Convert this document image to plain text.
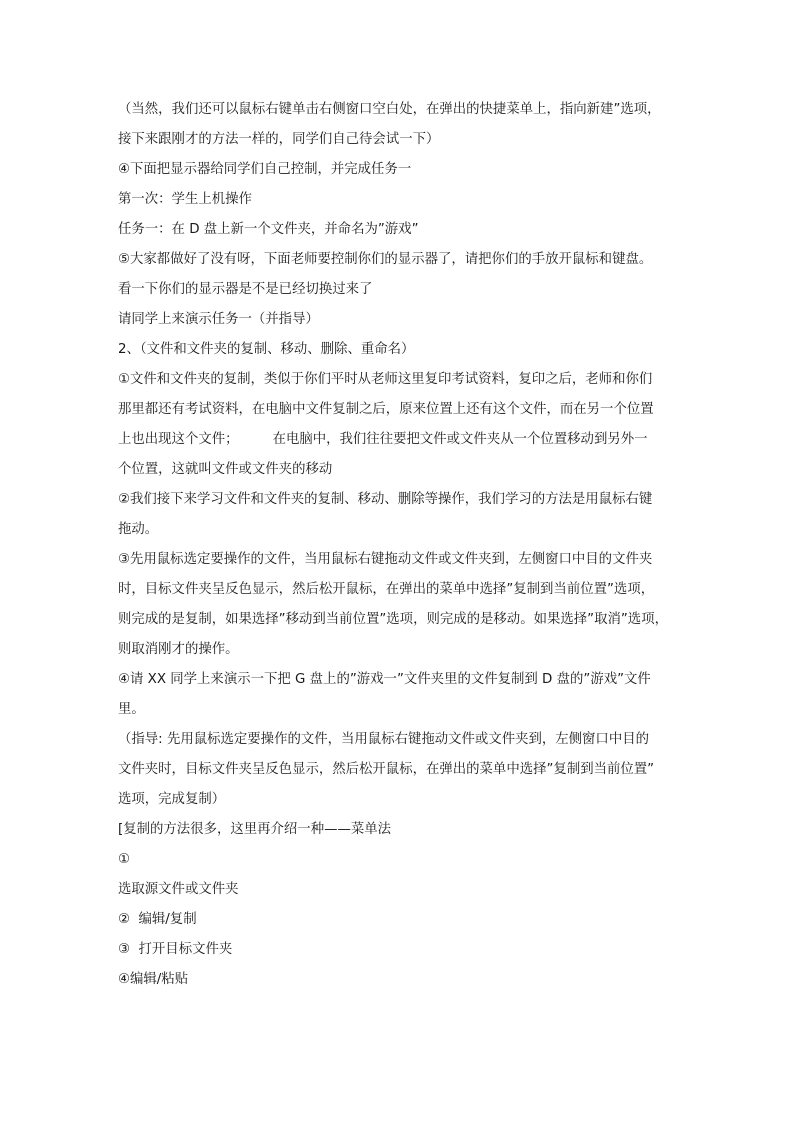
（当然，我们还可以鼠标右键单击右侧窗口空白处，在弹出的快捷菜单上，指向新建”选项，

接下来跟刚才的方法一样的，同学们自己待会试一下）

④下面把显示器给同学们自己控制，并完成任务一

第一次：学生上机操作

任务一：在 D 盘上新一个文件夹，并命名为”游戏”

⑤大家都做好了没有呀，下面老师要控制你们的显示器了，请把你们的手放开鼠标和键盘。

看一下你们的显示器是不是已经切换过来了

请同学上来演示任务一（并指导）

2、（文件和文件夹的复制、移动、删除、重命名）

①文件和文件夹的复制，类似于你们平时从老师这里复印考试资料，复印之后，老师和你们

那里都还有考试资料，在电脑中文件复制之后，原来位置上还有这个文件，而在另一个位置

上也出现这个文件；        在电脑中，我们往往要把文件或文件夹从一个位置移动到另外一

个位置，这就叫文件或文件夹的移动

②我们接下来学习文件和文件夹的复制、移动、删除等操作，我们学习的方法是用鼠标右键

拖动。

③先用鼠标选定要操作的文件，当用鼠标右键拖动文件或文件夹到，左侧窗口中目的文件夹

时，目标文件夹呈反色显示，然后松开鼠标，在弹出的菜单中选择”复制到当前位置”选项，

则完成的是复制，如果选择”移动到当前位置”选项，则完成的是移动。如果选择”取消”选项，

则取消刚才的操作。

④请 XX 同学上来演示一下把 G 盘上的”游戏一”文件夹里的文件复制到 D 盘的”游戏”文件

里。

（指导: 先用鼠标选定要操作的文件，当用鼠标右键拖动文件或文件夹到，左侧窗口中目的

文件夹时，目标文件夹呈反色显示，然后松开鼠标，在弹出的菜单中选择”复制到当前位置”

选项，完成复制）

[复制的方法很多，这里再介绍一种——菜单法

①

选取源文件或文件夹

②  编辑/复制

③  打开目标文件夹

④编辑/粘贴
